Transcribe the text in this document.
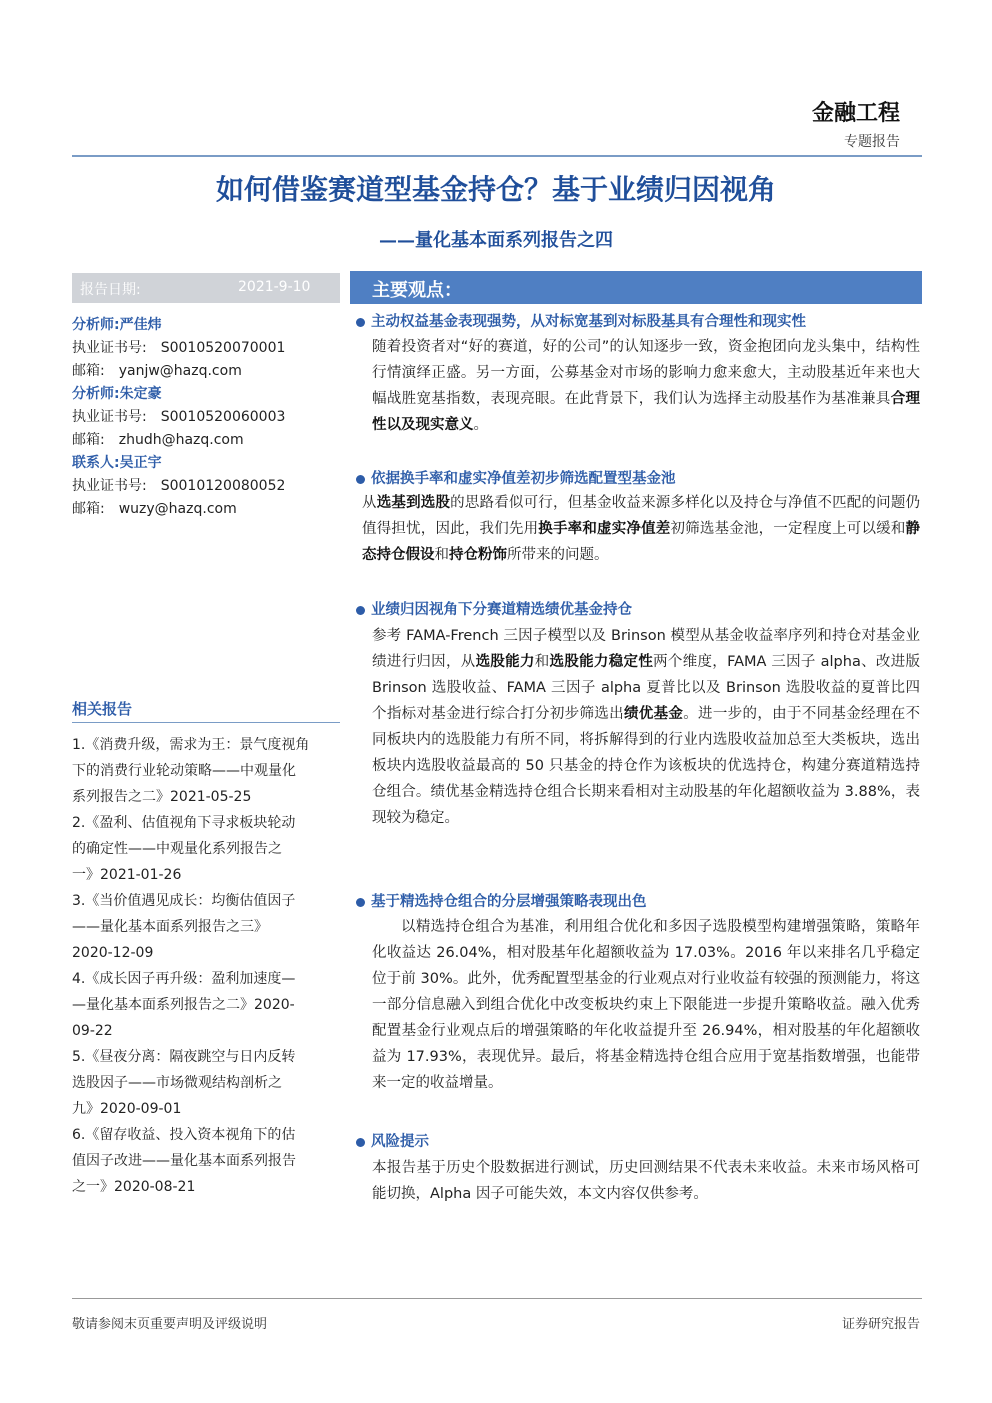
金融工程
专题报告
如何借鉴赛道型基金持仓？基于业绩归因视角
——量化基本面系列报告之四
报告日期:	2021-9-10
分析师:严佳炜
执业证书号: S0010520070001
邮箱: yanjw@hazq.com
分析师:朱定豪
执业证书号: S0010520060003
邮箱: zhudh@hazq.com
联系人:吴正宇
执业证书号: S0010120080052
邮箱: wuzy@hazq.com
相关报告
1.《消费升级，需求为王：景气度视角
下的消费行业轮动策略——中观量化
系列报告之二》2021-05-25
2.《盈利、估值视角下寻求板块轮动
的确定性——中观量化系列报告之
一》2021-01-26
3.《当价值遇见成长：均衡估值因子
——量化基本面系列报告之三》
2020-12-09
4.《成长因子再升级：盈利加速度—
—量化基本面系列报告之二》2020-
09-22
5.《昼夜分离：隔夜跳空与日内反转
选股因子——市场微观结构剖析之
九》2020-09-01
6.《留存收益、投入资本视角下的估
值因子改进——量化基本面系列报告
之一》2020-08-21
主要观点：
主动权益基金表现强势，从对标宽基到对标股基具有合理性和现实性
随着投资者对“好的赛道，好的公司”的认知逐步一致，资金抱团向龙头集中，结构性行情演绎正盛。另一方面，公募基金对市场的影响力愈来愈大，主动股基近年来也大幅战胜宽基指数，表现亮眼。在此背景下，我们认为选择主动股基作为基准兼具合理性以及现实意义。
依据换手率和虚实净值差初步筛选配置型基金池
从选基到选股的思路看似可行，但基金收益来源多样化以及持仓与净值不匹配的问题仍值得担忧，因此，我们先用换手率和虚实净值差初筛选基金池，一定程度上可以缓和静态持仓假设和持仓粉饰所带来的问题。
业绩归因视角下分赛道精选绩优基金持仓
参考 FAMA-French 三因子模型以及 Brinson 模型从基金收益率序列和持仓对基金业绩进行归因，从选股能力和选股能力稳定性两个维度，FAMA 三因子 alpha、改进版 Brinson 选股收益、FAMA 三因子 alpha 夏普比以及 Brinson 选股收益的夏普比四个指标对基金进行综合打分初步筛选出绩优基金。进一步的，由于不同基金经理在不同板块内的选股能力有所不同，将拆解得到的行业内选股收益加总至大类板块，选出板块内选股收益最高的 50 只基金的持仓作为该板块的优选持仓，构建分赛道精选持仓组合。绩优基金精选持仓组合长期来看相对主动股基的年化超额收益为 3.88%，表现较为稳定。
基于精选持仓组合的分层增强策略表现出色
以精选持仓组合为基准，利用组合优化和多因子选股模型构建增强策略，策略年化收益达 26.04%，相对股基年化超额收益为 17.03%。2016 年以来排名几乎稳定位于前 30%。此外，优秀配置型基金的行业观点对行业收益有较强的预测能力，将这一部分信息融入到组合优化中改变板块约束上下限能进一步提升策略收益。融入优秀配置基金行业观点后的增强策略的年化收益提升至 26.94%，相对股基的年化超额收益为 17.93%，表现优异。最后，将基金精选持仓组合应用于宽基指数增强，也能带来一定的收益增量。
风险提示
本报告基于历史个股数据进行测试，历史回测结果不代表未来收益。未来市场风格可能切换，Alpha 因子可能失效，本文内容仅供参考。
敬请参阅末页重要声明及评级说明	证券研究报告
